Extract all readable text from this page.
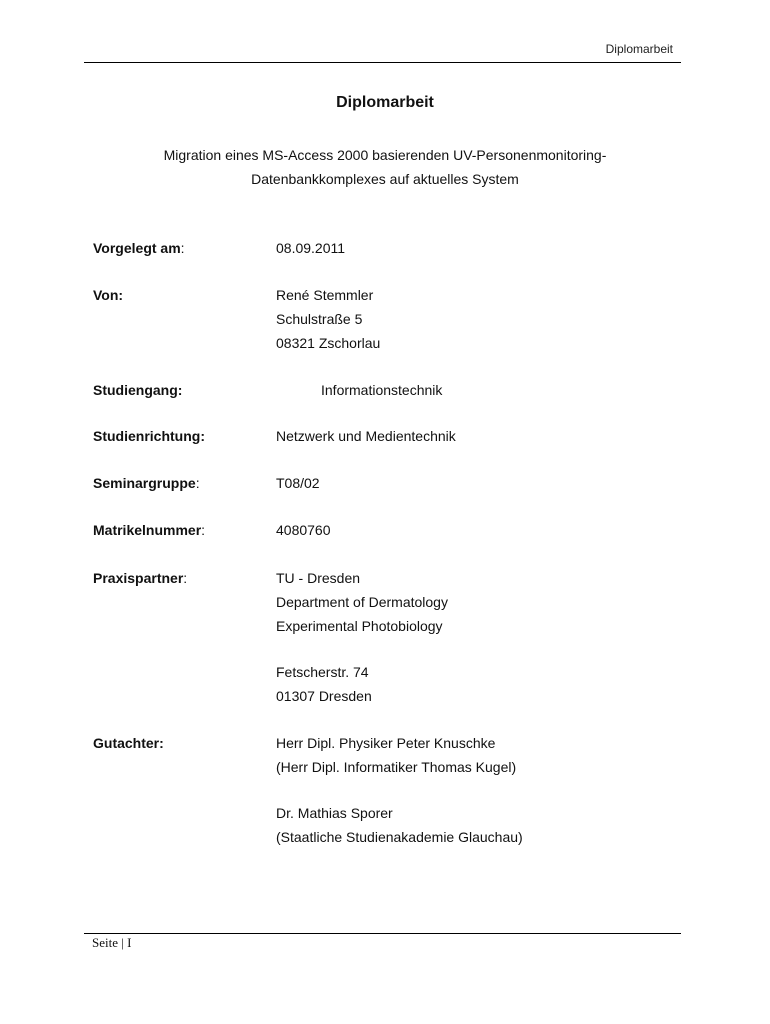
Diplomarbeit
Diplomarbeit
Migration eines MS-Access 2000 basierenden UV-Personenmonitoring-
Datenbankkomplexes auf aktuelles System
Vorgelegt am:	08.09.2011
Von:	René Stemmler
Schulstraße 5
08321 Zschorlau
Studiengang:	Informationstechnik
Studienrichtung:	Netzwerk und Medientechnik
Seminargruppe:	T08/02
Matrikelnummer:	4080760
Praxispartner:	TU - Dresden
Department of Dermatology
Experimental Photobiology
Fetscherstr. 74
01307 Dresden
Gutachter:	Herr Dipl. Physiker Peter Knuschke
(Herr Dipl. Informatiker Thomas Kugel)
Dr. Mathias Sporer
(Staatliche Studienakademie Glauchau)
Seite | I
